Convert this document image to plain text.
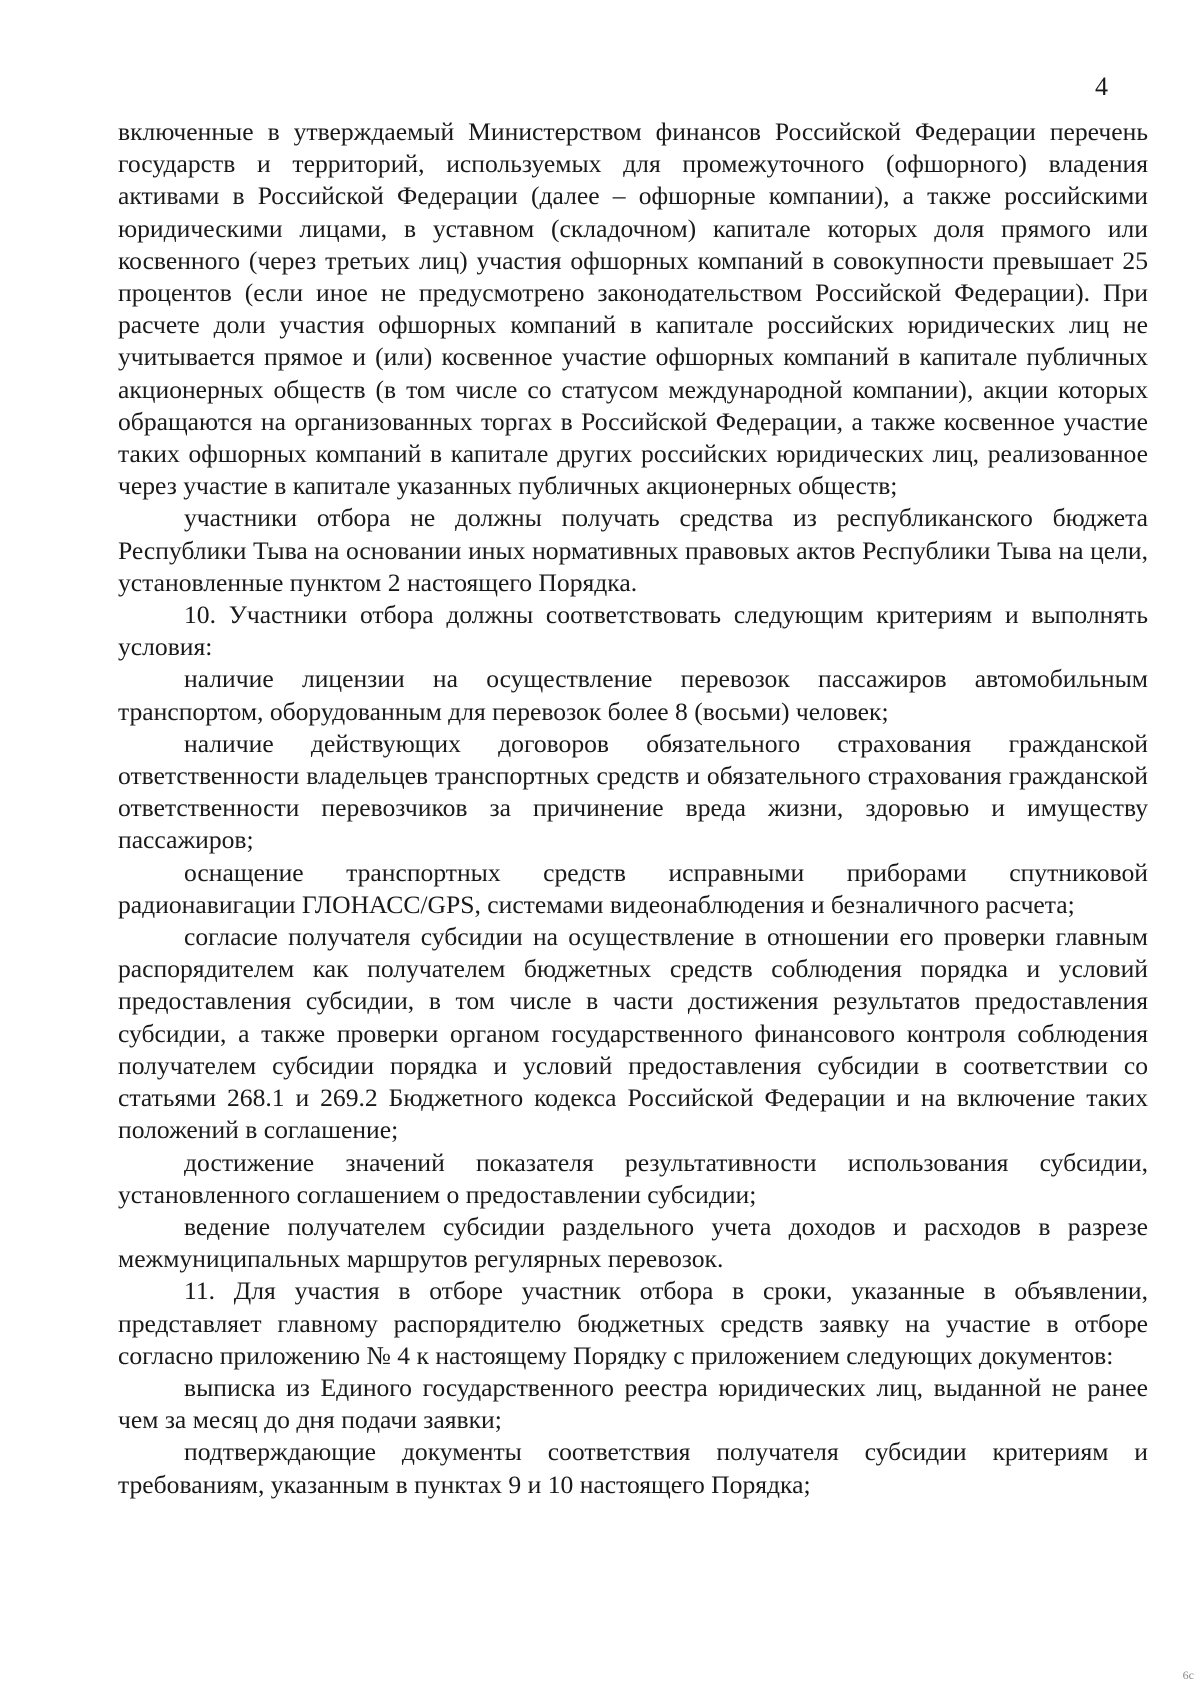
4

включенные в утверждаемый Министерством финансов Российской Федерации перечень государств и территорий, используемых для промежуточного (офшорного) владения активами в Российской Федерации (далее – офшорные компании), а также российскими юридическими лицами, в уставном (складочном) капитале которых доля прямого или косвенного (через третьих лиц) участия офшорных компаний в совокупности превышает 25 процентов (если иное не предусмотрено законодательством Российской Федерации). При расчете доли участия офшорных компаний в капитале российских юридических лиц не учитывается прямое и (или) косвенное участие офшорных компаний в капитале публичных акционерных обществ (в том числе со статусом международной компании), акции которых обращаются на организованных торгах в Российской Федерации, а также косвенное участие таких офшорных компаний в капитале других российских юридических лиц, реализованное через участие в капитале указанных публичных акционерных обществ;

участники отбора не должны получать средства из республиканского бюджета Республики Тыва на основании иных нормативных правовых актов Республики Тыва на цели, установленные пунктом 2 настоящего Порядка.

10. Участники отбора должны соответствовать следующим критериям и выполнять условия:

наличие лицензии на осуществление перевозок пассажиров автомобильным транспортом, оборудованным для перевозок более 8 (восьми) человек;

наличие действующих договоров обязательного страхования гражданской ответственности владельцев транспортных средств и обязательного страхования гражданской ответственности перевозчиков за причинение вреда жизни, здоровью и имуществу пассажиров;

оснащение транспортных средств исправными приборами спутниковой радионавигации ГЛОНАСС/GPS, системами видеонаблюдения и безналичного расчета;

согласие получателя субсидии на осуществление в отношении его проверки главным распорядителем как получателем бюджетных средств соблюдения порядка и условий предоставления субсидии, в том числе в части достижения результатов предоставления субсидии, а также проверки органом государственного финансового контроля соблюдения получателем субсидии порядка и условий предоставления субсидии в соответствии со статьями 268.1 и 269.2 Бюджетного кодекса Российской Федерации и на включение таких положений в соглашение;

достижение значений показателя результативности использования субсидии, установленного соглашением о предоставлении субсидии;

ведение получателем субсидии раздельного учета доходов и расходов в разрезе межмуниципальных маршрутов регулярных перевозок.

11. Для участия в отборе участник отбора в сроки, указанные в объявлении, представляет главному распорядителю бюджетных средств заявку на участие в отборе согласно приложению № 4 к настоящему Порядку с приложением следующих документов:

выписка из Единого государственного реестра юридических лиц, выданной не ранее чем за месяц до дня подачи заявки;

подтверждающие документы соответствия получателя субсидии критериям и требованиям, указанным в пунктах 9 и 10 настоящего Порядка;

6c
